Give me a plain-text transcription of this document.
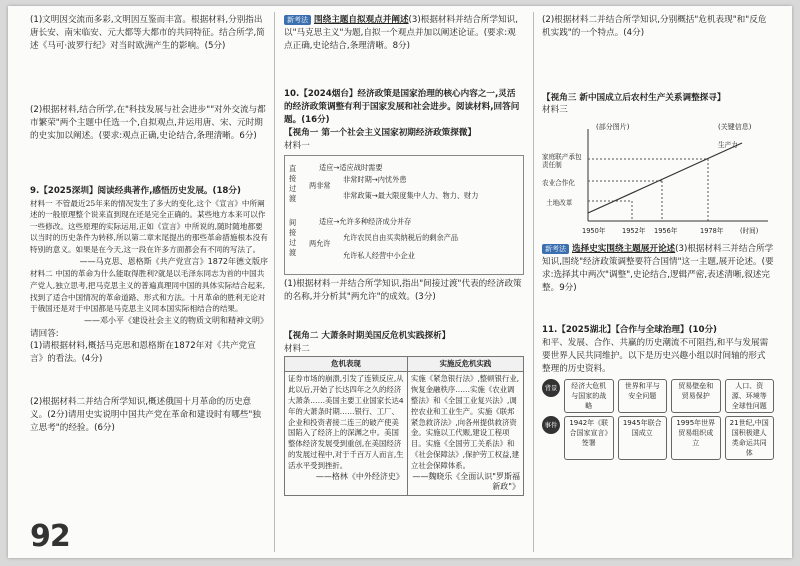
(1)文明因交流而多彩,文明因互鉴而丰富。根据材料,分别指出唐长安、南宋临安、元大都等大都市的共同特征。结合所学,简述《马可·波罗行纪》对当时欧洲产生的影响。(5分)

(2)根据材料,结合所学,在"科技发展与社会进步""对外交流与都市繁荣"两个主题中任选一个,自拟观点,并运用唐、宋、元时期的史实加以阐述。(要求:观点正确,史论结合,条理清晰。6分)

9.【2025深圳】阅读经典著作,感悟历史发展。(18分)

材料一 不管最近25年来的情况发生了多大的变化,这个《宣言》中所阐述的一般原理整个说来直到现在还是完全正确的。某些地方本来可以作一些修改。这些原理的实际运用,正如《宣言》中所说的,随时随地都要以当时的历史条件为转移,所以第二章末尾提出的那些革命措施根本没有特别的意义。如果是在今天,这一段在许多方面都会有不同的写法了。

——马克思、恩格斯《共产党宣言》1872年德文版序

材料二 中国的革命为什么能取得胜利?就是以毛泽东同志为首的中国共产党人,独立思考,把马克思主义的普遍真理同中国的具体实际结合起来,找到了适合中国情况的革命道路、形式和方法。十月革命的胜利无论对于俄国还是对于中国都是马克思主义同本国实际相结合的结果。

——邓小平《建设社会主义的物质文明和精神文明》

请回答:

(1)请根据材料,概括马克思和恩格斯在1872年对《共产党宣言》的看法。(4分)

(2)根据材料二并结合所学知识,概述俄国十月革命的历史意义。(2分)请用史实说明中国共产党在革命和建设时有哪些"独立思考"的经验。(6分)

92

新考法 围绕主题自拟观点并阐述(3)根据材料并结合所学知识,以"马克思主义"为题,自拟一个观点并加以阐述论证。(要求:观点正确,史论结合,条理清晰。8分)

10.【2024烟台】经济政策是国家治理的核心内容之一,灵活的经济政策调整有利于国家发展和社会进步。阅读材料,回答问题。(16分)

【视角一 第一个社会主义国家初期经济政策探微】

材料一

直接过渡
间接过渡
适应→适应战时需要
两非常
非常时期→内忧外患
非常政策→最大限度集中人力、物力、财力
适应→允许多种经济成分并存
两允许
允许农民自由买卖纳税后的剩余产品
允许私人经营中小企业

(1)根据材料一并结合所学知识,指出"间接过渡"代表的经济政策的名称,并分析其"两允许"的成效。(3分)

【视角二 大萧条时期美国反危机实践探析】

材料二

危机表现	实施反危机实践
证券市场的崩溃,引发了连锁反应,从此以后,开始了长达四年之久的经济大萧条……美国主要工业国家长达4年的大萧条时期……银行、工厂、企业和投资者接二连三的破产使美国陷入了经济上的深渊之中。美国整体经济发展受到重创,在美国经济的发展过程中,对于千百万人而言,生活水平受到挫折。

——格林《中外经济史》	实施《紧急银行法》,整顿银行业,恢复金融秩序……实施《农业调整法》和《全国工业复兴法》,调控农业和工业生产。实施《联邦紧急救济法》,向各州提供救济资金。实施以工代赈,建设工程项目。实施《全国劳工关系法》和《社会保障法》,保护劳工权益,建立社会保障体系。

——魏晓乐《全面认识"罗斯福新政"》

(2)根据材料二并结合所学知识,分别概括"危机表现"和"反危机实践"的一个特点。(4分)

【视角三 新中国成立后农村生产关系调整探寻】

材料三

(部分图片)	(关键信息)
家庭联产承包责任制
农业合作化
土地改革
生产力
1950年	1952年 1956年	1978年	(时间)

新考法 选择史实围绕主题展开论述(3)根据材料三并结合所学知识,围绕"经济政策调整要符合国情"这一主题,展开论述。(要求:选择其中两次"调整",史论结合,逻辑严密,表述清晰,叙述完整。9分)

11.【2025湖北】【合作与全球治理】(10分)

和平、发展、合作、共赢的历史潮流不可阻挡,和平与发展需要世界人民共同维护。以下是历史兴趣小组以时间轴的形式整理的历史资料。

背景	经济大危机与国家的战略
世界和平与安全问题
贸易壁垒和贸易保护
人口、资源、环境等全球性问题
事件	1942年《联合国家宣言》签署
1945年联合国成立
1995年世界贸易组织成立
21世纪,中国国积极建人类命运共同体
